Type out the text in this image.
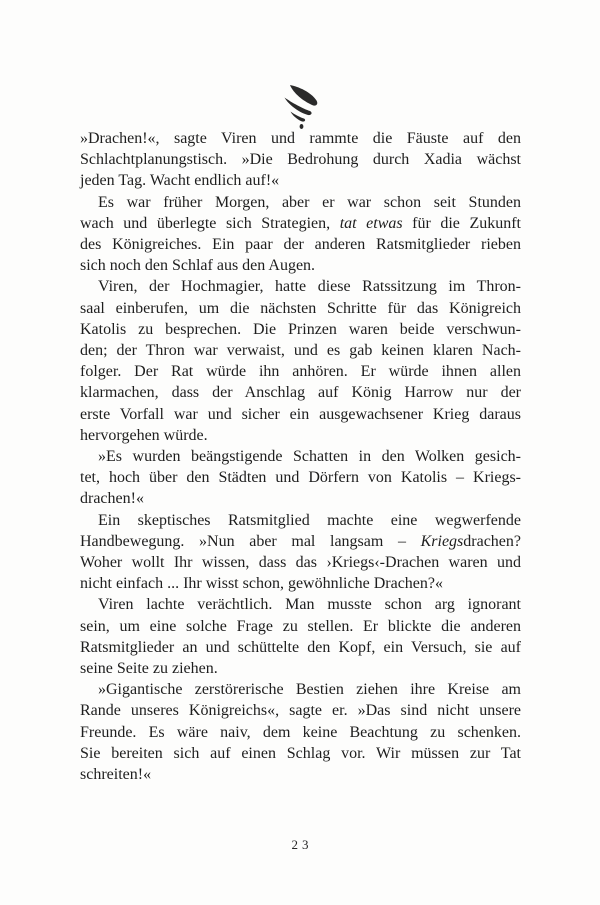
»Drachen!«, sagte Viren und rammte die Fäuste auf den
Schlachtplanungstisch. »Die Bedrohung durch Xadia wächst
jeden Tag. Wacht endlich auf!«
Es war früher Morgen, aber er war schon seit Stunden
wach und überlegte sich Strategien, tat etwas für die Zukunft
des Königreiches. Ein paar der anderen Ratsmitglieder rieben
sich noch den Schlaf aus den Augen.
Viren, der Hochmagier, hatte diese Ratssitzung im Thron-
saal einberufen, um die nächsten Schritte für das Königreich
Katolis zu besprechen. Die Prinzen waren beide verschwun-
den; der Thron war verwaist, und es gab keinen klaren Nach-
folger. Der Rat würde ihn anhören. Er würde ihnen allen
klarmachen, dass der Anschlag auf König Harrow nur der
erste Vorfall war und sicher ein ausgewachsener Krieg daraus
hervorgehen würde.
»Es wurden beängstigende Schatten in den Wolken gesich-
tet, hoch über den Städten und Dörfern von Katolis – Kriegs-
drachen!«
Ein skeptisches Ratsmitglied machte eine wegwerfende
Handbewegung. »Nun aber mal langsam – Kriegsdrachen?
Woher wollt Ihr wissen, dass das ›Kriegs‹-Drachen waren und
nicht einfach ... Ihr wisst schon, gewöhnliche Drachen?«
Viren lachte verächtlich. Man musste schon arg ignorant
sein, um eine solche Frage zu stellen. Er blickte die anderen
Ratsmitglieder an und schüttelte den Kopf, ein Versuch, sie auf
seine Seite zu ziehen.
»Gigantische zerstörerische Bestien ziehen ihre Kreise am
Rande unseres Königreichs«, sagte er. »Das sind nicht unsere
Freunde. Es wäre naiv, dem keine Beachtung zu schenken.
Sie bereiten sich auf einen Schlag vor. Wir müssen zur Tat
schreiten!«
23
